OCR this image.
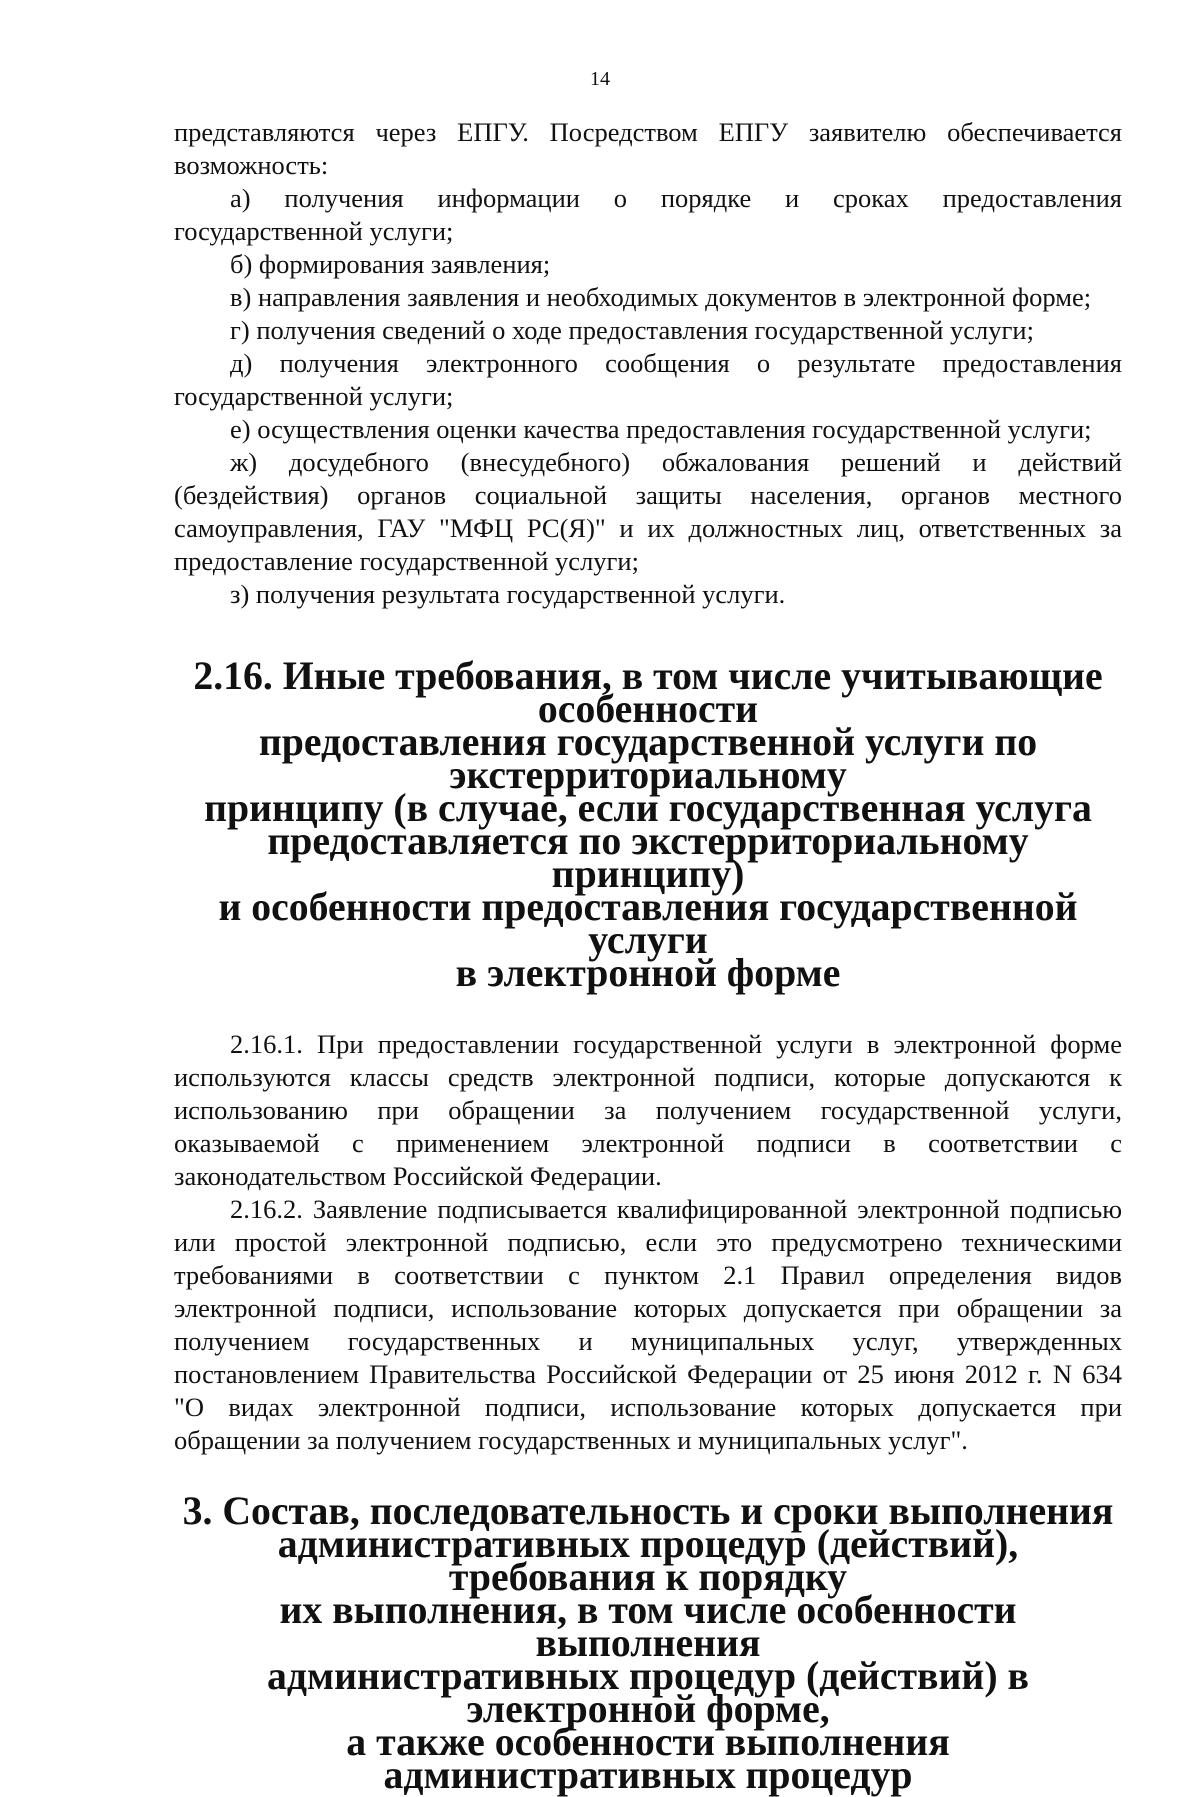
14

представляются через ЕПГУ. Посредством ЕПГУ заявителю обеспечивается возможность:

а) получения информации о порядке и сроках предоставления государственной услуги;

б) формирования заявления;

в) направления заявления и необходимых документов в электронной форме;

г) получения сведений о ходе предоставления государственной услуги;

д) получения электронного сообщения о результате предоставления государственной услуги;

е) осуществления оценки качества предоставления государственной услуги;

ж) досудебного (внесудебного) обжалования решений и действий (бездействия) органов социальной защиты населения, органов местного самоуправления, ГАУ "МФЦ РС(Я)" и их должностных лиц, ответственных за предоставление государственной услуги;

з) получения результата государственной услуги.

2.16. Иные требования, в том числе учитывающие особенности
предоставления государственной услуги по экстерриториальному
принципу (в случае, если государственная услуга
предоставляется по экстерриториальному принципу)
и особенности предоставления государственной услуги
в электронной форме

2.16.1. При предоставлении государственной услуги в электронной форме используются классы средств электронной подписи, которые допускаются к использованию при обращении за получением государственной услуги, оказываемой с применением электронной подписи в соответствии с законодательством Российской Федерации.

2.16.2. Заявление подписывается квалифицированной электронной подписью или простой электронной подписью, если это предусмотрено техническими требованиями в соответствии с пунктом 2.1 Правил определения видов электронной подписи, использование которых допускается при обращении за получением государственных и муниципальных услуг, утвержденных постановлением Правительства Российской Федерации от 25 июня 2012 г. N 634 "О видах электронной подписи, использование которых допускается при обращении за получением государственных и муниципальных услуг".

3. Состав, последовательность и сроки выполнения
административных процедур (действий), требования к порядку
их выполнения, в том числе особенности выполнения
административных процедур (действий) в электронной форме,
а также особенности выполнения административных процедур
